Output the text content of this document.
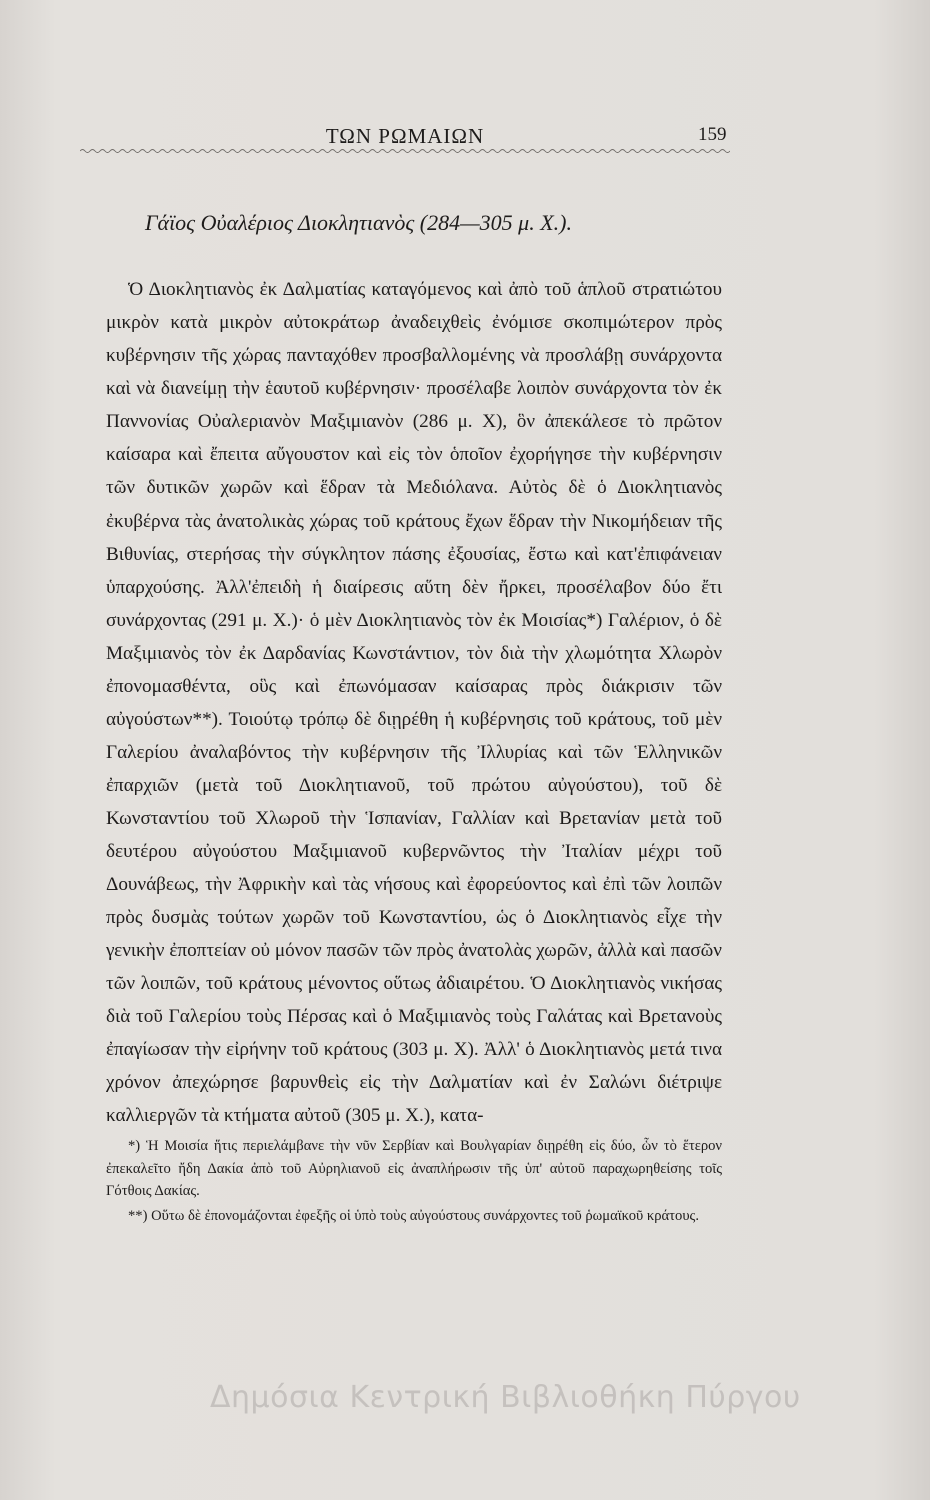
ΤΩΝ ΡΩΜΑΙΩΝ	159
Γάϊος Οὐαλέριος Διοκλητιανὸς (284—305 μ. Χ.).

Ὁ Διοκλητιανὸς ἐκ Δαλματίας καταγόμενος καὶ ἀπὸ τοῦ ἁπλοῦ στρατιώτου μικρὸν κατὰ μικρὸν αὐτοκράτωρ ἀναδειχθεὶς ἐνόμισε σκοπιμώτερον πρὸς κυβέρνησιν τῆς χώρας πανταχόθεν προσβαλλομένης νὰ προσλάβῃ συνάρχοντα καὶ νὰ διανείμῃ τὴν ἑαυτοῦ κυβέρνησιν· προσέλαβε λοιπὸν συνάρχοντα τὸν ἐκ Παννονίας Οὐαλεριανὸν Μαξιμιανὸν (286 μ. Χ), ὃν ἀπεκάλεσε τὸ πρῶτον καίσαρα καὶ ἔπειτα αὔγουστον καὶ εἰς τὸν ὁποῖον ἐχορήγησε τὴν κυβέρνησιν τῶν δυτικῶν χωρῶν καὶ ἕδραν τὰ Μεδιόλανα. Αὐτὸς δὲ ὁ Διοκλητιανὸς ἐκυβέρνα τὰς ἀνατολικὰς χώρας τοῦ κράτους ἔχων ἕδραν τὴν Νικομήδειαν τῆς Βιθυνίας, στερήσας τὴν σύγκλητον πάσης ἐξουσίας, ἔστω καὶ κατ'ἐπιφάνειαν ὑπαρχούσης. Ἀλλ'ἐπειδὴ ἡ διαίρεσις αὕτη δὲν ἤρκει, προσέλαβον δύο ἔτι συνάρχοντας (291 μ. Χ.)· ὁ μὲν Διοκλητιανὸς τὸν ἐκ Μοισίας*) Γαλέριον, ὁ δὲ Μαξιμιανὸς τὸν ἐκ Δαρδανίας Κωνστάντιον, τὸν διὰ τὴν χλωμότητα Χλωρὸν ἐπονομασθέντα, οὓς καὶ ἐπωνόμασαν καίσαρας πρὸς διάκρισιν τῶν αὐγούστων**). Τοιούτῳ τρόπῳ δὲ διῃρέθη ἡ κυβέρνησις τοῦ κράτους, τοῦ μὲν Γαλερίου ἀναλαβόντος τὴν κυβέρνησιν τῆς Ἰλλυρίας καὶ τῶν Ἑλληνικῶν ἐπαρχιῶν (μετὰ τοῦ Διοκλητιανοῦ, τοῦ πρώτου αὐγούστου), τοῦ δὲ Κωνσταντίου τοῦ Χλωροῦ τὴν Ἱσπανίαν, Γαλλίαν καὶ Βρετανίαν μετὰ τοῦ δευτέρου αὐγούστου Μαξιμιανοῦ κυβερνῶντος τὴν Ἰταλίαν μέχρι τοῦ Δουνάβεως, τὴν Ἀφρικὴν καὶ τὰς νήσους καὶ ἐφορεύοντος καὶ ἐπὶ τῶν λοιπῶν πρὸς δυσμὰς τούτων χωρῶν τοῦ Κωνσταντίου, ὡς ὁ Διοκλητιανὸς εἶχε τὴν γενικὴν ἐποπτείαν οὐ μόνον πασῶν τῶν πρὸς ἀνατολὰς χωρῶν, ἀλλὰ καὶ πασῶν τῶν λοιπῶν, τοῦ κράτους μένοντος οὕτως ἀδιαιρέτου. Ὁ Διοκλητιανὸς νικήσας διὰ τοῦ Γαλερίου τοὺς Πέρσας καὶ ὁ Μαξιμιανὸς τοὺς Γαλάτας καὶ Βρετανοὺς ἐπαγίωσαν τὴν εἰρήνην τοῦ κράτους (303 μ. Χ). Ἀλλ' ὁ Διοκλητιανὸς μετά τινα χρόνον ἀπεχώρησε βαρυνθεὶς εἰς τὴν Δαλματίαν καὶ ἐν Σαλώνι διέτριψε καλλιεργῶν τὰ κτήματα αὐτοῦ (305 μ. Χ.), κατα-

*) Ἡ Μοισία ἥτις περιελάμβανε τὴν νῦν Σερβίαν καὶ Βουλγαρίαν διῃρέθη εἰς δύο, ὧν τὸ ἕτερον ἐπεκαλεῖτο ἤδη Δακία ἀπὸ τοῦ Αὐρηλιανοῦ εἰς ἀναπλήρωσιν τῆς ὑπ' αὐτοῦ παραχωρηθείσης τοῖς Γότθοις Δακίας.

**) Οὕτω δὲ ἐπονομάζονται ἐφεξῆς οἱ ὑπὸ τοὺς αὐγούστους συνάρχοντες τοῦ ῥωμαϊκοῦ κράτους.

Δημόσια Κεντρική Βιβλιοθήκη Πύργου
